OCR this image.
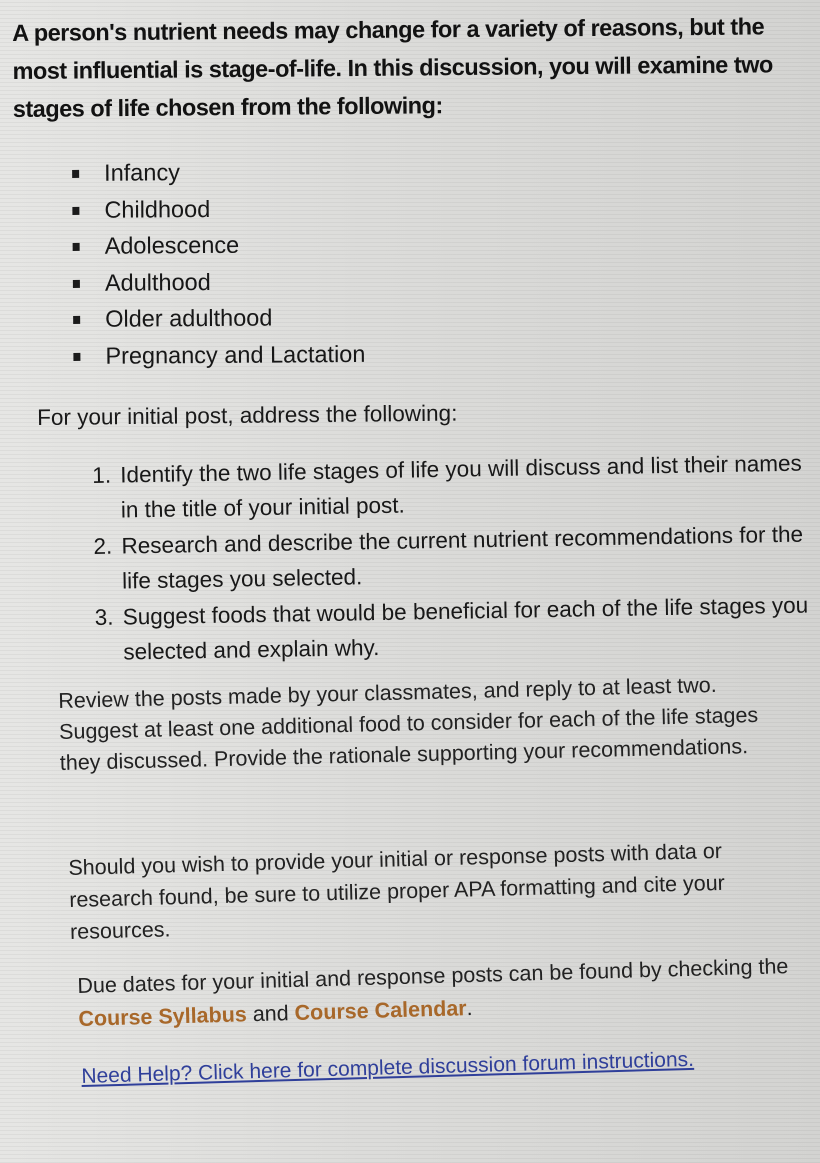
A person's nutrient needs may change for a variety of reasons, but the most influential is stage-of-life. In this discussion, you will examine two stages of life chosen from the following:

Infancy
Childhood
Adolescence
Adulthood
Older adulthood
Pregnancy and Lactation

For your initial post, address the following:

1. Identify the two life stages of life you will discuss and list their names in the title of your initial post.
2. Research and describe the current nutrient recommendations for the life stages you selected.
3. Suggest foods that would be beneficial for each of the life stages you selected and explain why.

Review the posts made by your classmates, and reply to at least two. Suggest at least one additional food to consider for each of the life stages they discussed. Provide the rationale supporting your recommendations.

Should you wish to provide your initial or response posts with data or research found, be sure to utilize proper APA formatting and cite your resources.

Due dates for your initial and response posts can be found by checking the Course Syllabus and Course Calendar.

Need Help? Click here for complete discussion forum instructions.
